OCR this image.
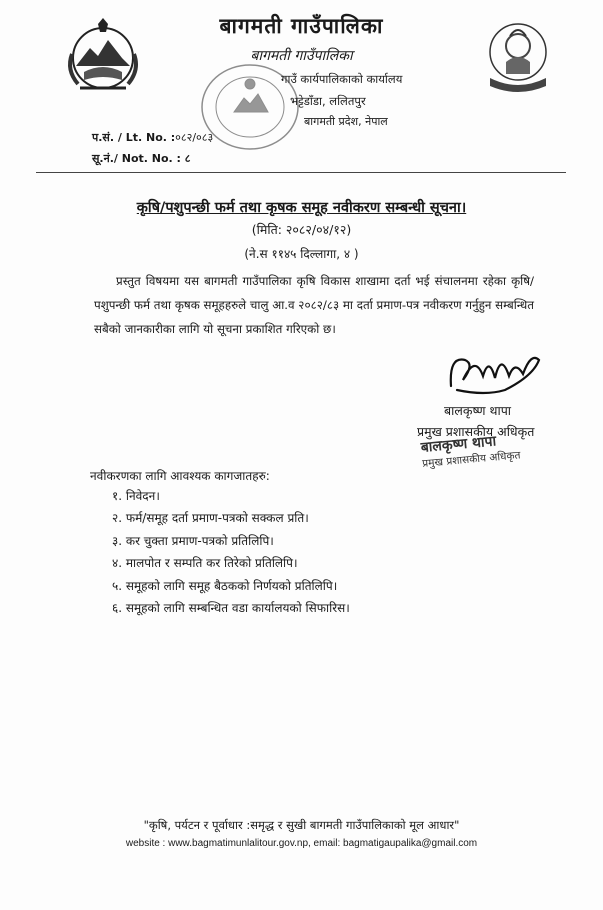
बागमती गाउँपालिका
बागमती गाउँपालिका
गाउँ कार्यपालिकाको कार्यालय
भट्टेडाँडा, ललितपुर
बागमती प्रदेश, नेपाल
प.सं. / Lt. No. :०८२/०८३
सू.नं./ Not. No. : ८
कृषि/पशुपन्छी फर्म तथा कृषक समूह नवीकरण सम्बन्धी सूचना।
(मिति: २०८२/०४/१२)
(ने.स ११४५ दिल्लागा, ४ )
प्रस्तुत विषयमा यस बागमती गाउँपालिका कृषि विकास शाखामा दर्ता भई संचालनमा रहेका कृषि/पशुपन्छी फर्म तथा कृषक समूहहरुले चालु आ.व २०८२/८३ मा दर्ता प्रमाण-पत्र नवीकरण गर्नुहुन सम्बन्धित सबैको जानकारीका लागि यो सूचना प्रकाशित गरिएको छ।
बालकृष्ण थापा
प्रमुख प्रशासकीय अधिकृत
बालकृष्ण थापा
प्रमुख प्रशासकीय अधिकृत
नवीकरणका लागि आवश्यक कागजातहरु:
१. निवेदन।
२. फर्म/समूह दर्ता प्रमाण-पत्रको सक्कल प्रति।
३. कर चुक्ता प्रमाण-पत्रको प्रतिलिपि।
४. मालपोत र सम्पति कर तिरेको प्रतिलिपि।
५. समूहको लागि समूह बैठकको निर्णयको प्रतिलिपि।
६. समूहको लागि सम्बन्धित वडा कार्यालयको सिफारिस।
"कृषि, पर्यटन र पूर्वाधार :समृद्ध र सुखी बागमती गाउँपालिकाको मूल आधार"
website : www.bagmatimunlalitour.gov.np, email: bagmatigaupalika@gmail.com
